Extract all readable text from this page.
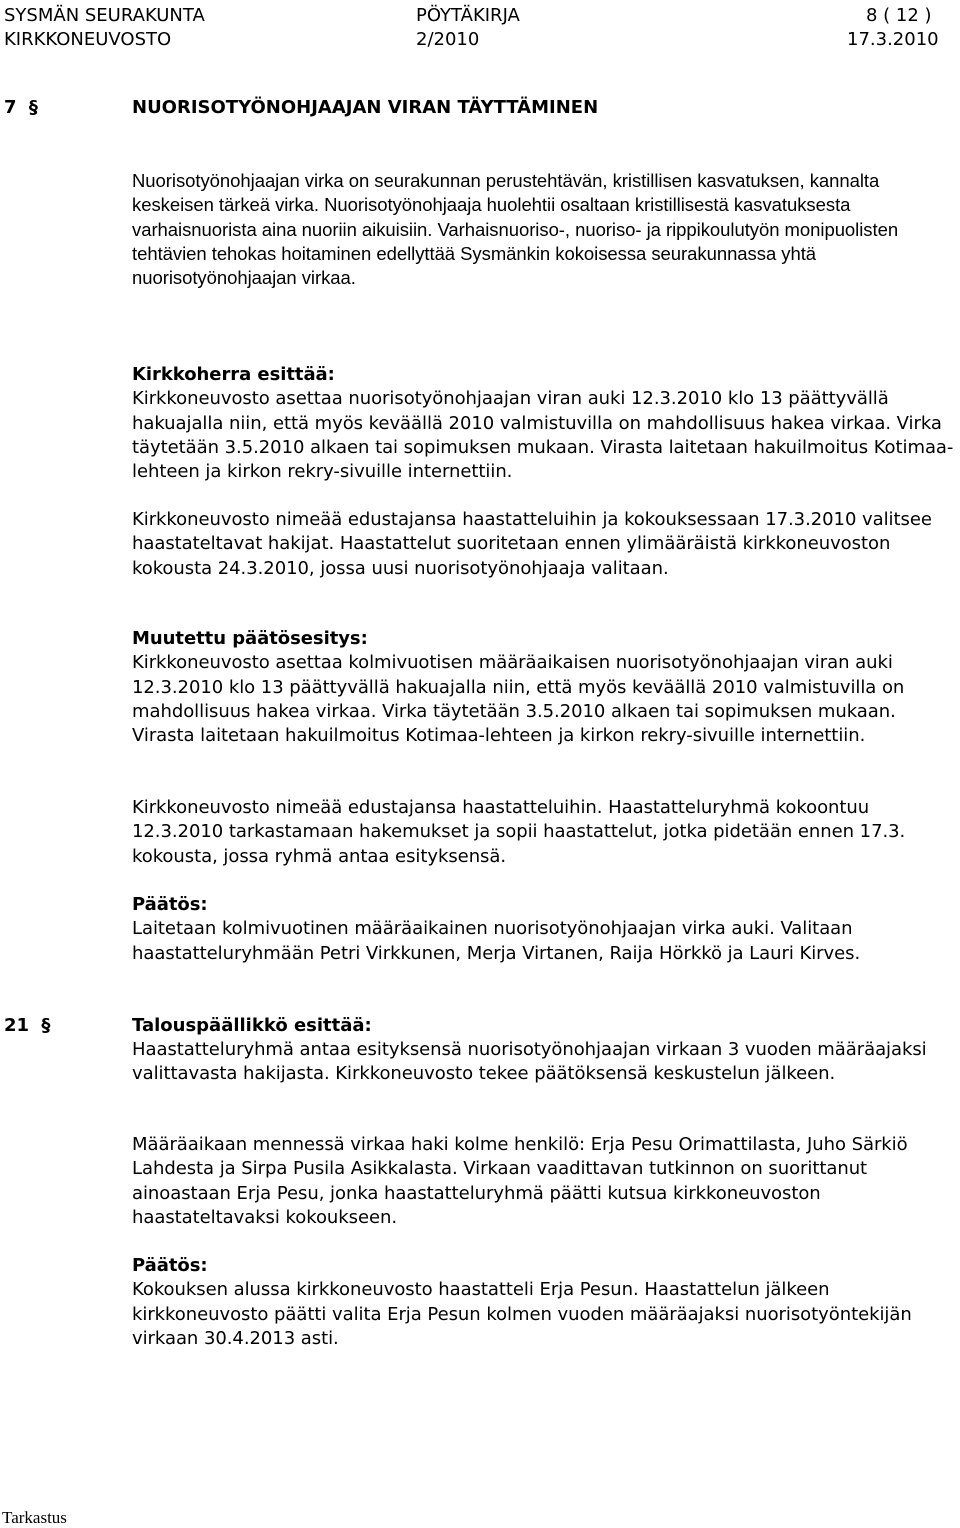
SYSMÄN SEURAKUNTA	PÖYTÄKIRJA	8 ( 12 )
KIRKKONEUVOSTO	2/2010	17.3.2010
7 §	NUORISOTYÖNOHJAAJAN VIRAN TÄYTTÄMINEN

Nuorisotyönohjaajan virka on seurakunnan perustehtävän, kristillisen kasvatuksen, kannalta keskeisen tärkeä virka. Nuorisotyönohjaaja huolehtii osaltaan kristillisestä kasvatuksesta varhaisnuorista aina nuoriin aikuisiin. Varhaisnuoriso-, nuoriso- ja rippikoulutyön monipuolisten tehtävien tehokas hoitaminen edellyttää Sysmänkin kokoisessa seurakunnassa yhtä nuorisotyönohjaajan virkaa.

Kirkkoherra esittää:
Kirkkoneuvosto asettaa nuorisotyönohjaajan viran auki 12.3.2010 klo 13 päättyvällä hakuajalla niin, että myös keväällä 2010 valmistuvilla on mahdollisuus hakea virkaa. Virka täytetään 3.5.2010 alkaen tai sopimuksen mukaan. Virasta laitetaan hakuilmoitus Kotimaa-lehteen ja kirkon rekry-sivuille internettiin.

Kirkkoneuvosto nimeää edustajansa haastatteluihin ja kokouksessaan 17.3.2010 valitsee haastateltavat hakijat. Haastattelut suoritetaan ennen ylimääräistä kirkkoneuvoston kokousta 24.3.2010, jossa uusi nuorisotyönohjaaja valitaan.

Muutettu päätösesitys:
Kirkkoneuvosto asettaa kolmivuotisen määräaikaisen nuorisotyönohjaajan viran auki 12.3.2010 klo 13 päättyvällä hakuajalla niin, että myös keväällä 2010 valmistuvilla on mahdollisuus hakea virkaa. Virka täytetään 3.5.2010 alkaen tai sopimuksen mukaan. Virasta laitetaan hakuilmoitus Kotimaa-lehteen ja kirkon rekry-sivuille internettiin.

Kirkkoneuvosto nimeää edustajansa haastatteluihin. Haastatteluryhmä kokoontuu 12.3.2010 tarkastamaan hakemukset ja sopii haastattelut, jotka pidetään ennen 17.3. kokousta, jossa ryhmä antaa esityksensä.

Päätös:
Laitetaan kolmivuotinen määräaikainen nuorisotyönohjaajan virka auki. Valitaan haastatteluryhmään Petri Virkkunen, Merja Virtanen, Raija Hörkkö ja Lauri Kirves.
21 §	Talouspäällikkö esittää:

Haastatteluryhmä antaa esityksensä nuorisotyönohjaajan virkaan 3 vuoden määräajaksi valittavasta hakijasta. Kirkkoneuvosto tekee päätöksensä keskustelun jälkeen.

Määräaikaan mennessä virkaa haki kolme henkilö: Erja Pesu Orimattilasta, Juho Särkiö Lahdesta ja Sirpa Pusila Asikkalasta. Virkaan vaadittavan tutkinnon on suorittanut ainoastaan Erja Pesu, jonka haastatteluryhmä päätti kutsua kirkkoneuvoston haastateltavaksi kokoukseen.

Päätös:
Kokouksen alussa kirkkoneuvosto haastatteli Erja Pesun. Haastattelun jälkeen kirkkoneuvosto päätti valita Erja Pesun kolmen vuoden määräajaksi nuorisotyöntekijän virkaan 30.4.2013 asti.
Tarkastus
